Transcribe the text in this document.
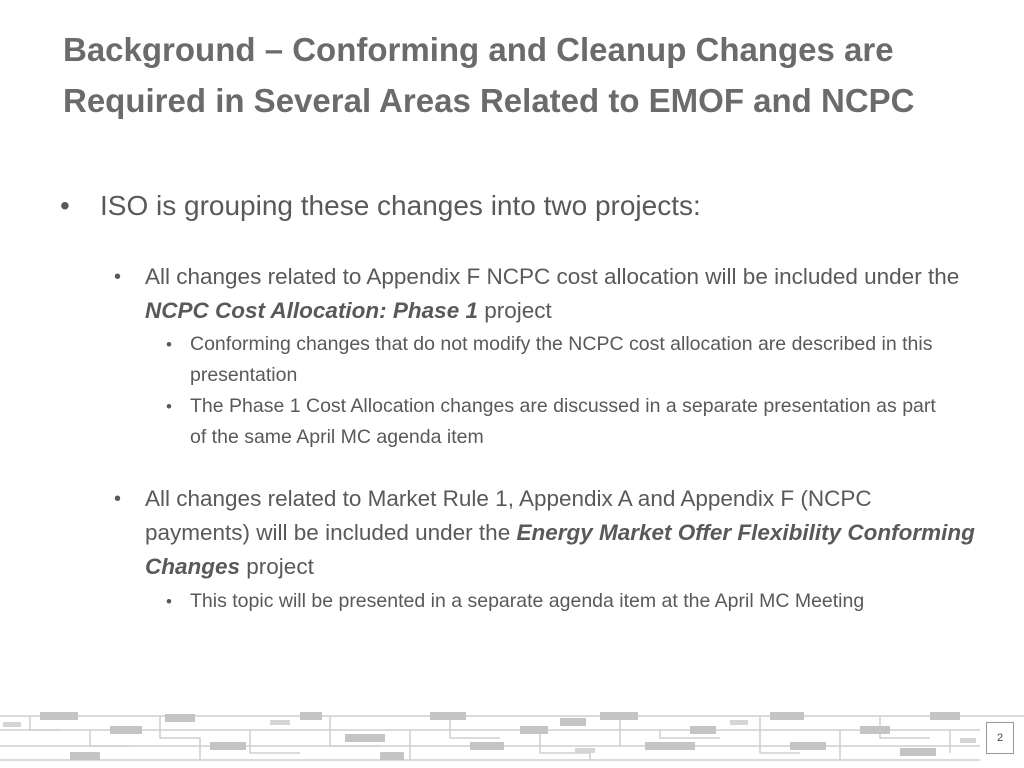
Background – Conforming and Cleanup Changes are Required in Several Areas Related to EMOF and NCPC
• ISO is grouping these changes into two projects:
• All changes related to Appendix F NCPC cost allocation will be included under the NCPC Cost Allocation: Phase 1 project
• Conforming changes that do not modify the NCPC cost allocation are described in this presentation
• The Phase 1 Cost Allocation changes are discussed in a separate presentation as part of the same April MC agenda item
• All changes related to Market Rule 1, Appendix A and Appendix F (NCPC payments) will be included under the Energy Market Offer Flexibility Conforming Changes project
• This topic will be presented in a separate agenda item at the April MC Meeting
2
